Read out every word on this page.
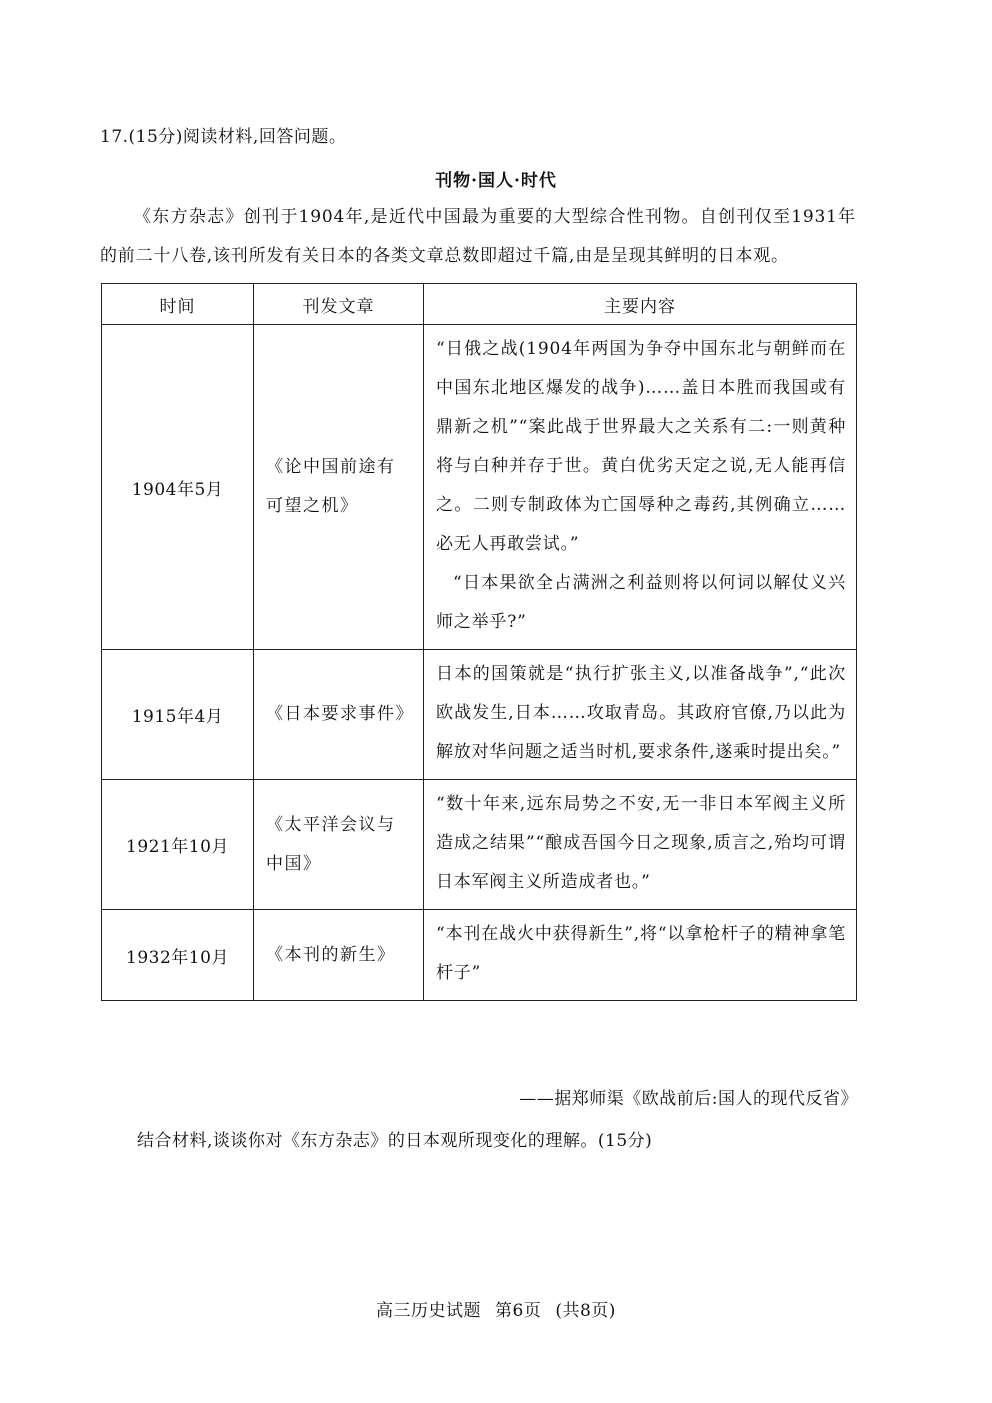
17.(15分)阅读材料,回答问题。
刊物·国人·时代
《东方杂志》创刊于1904年,是近代中国最为重要的大型综合性刊物。自创刊仅至1931年的前二十八卷,该刊所发有关日本的各类文章总数即超过千篇,由是呈现其鲜明的日本观。
时间	刊发文章	主要内容
1904年5月	《论中国前途有可望之机》	“日俄之战(1904年两国为争夺中国东北与朝鲜而在中国东北地区爆发的战争)……盖日本胜而我国或有鼎新之机”“案此战于世界最大之关系有二:一则黄种将与白种并存于世。黄白优劣天定之说,无人能再信之。二则专制政体为亡国辱种之毒药,其例确立……必无人再敢尝试。”
“日本果欲全占满洲之利益则将以何词以解仗义兴师之举乎?”

1915年4月	《日本要求事件》	日本的国策就是“执行扩张主义,以准备战争”,“此次欧战发生,日本……攻取青岛。其政府官僚,乃以此为解放对华问题之适当时机,要求条件,遂乘时提出矣。”

1921年10月	《太平洋会议与中国》	“数十年来,远东局势之不安,无一非日本军阀主义所造成之结果”“酿成吾国今日之现象,质言之,殆均可谓日本军阀主义所造成者也。”

1932年10月	《本刊的新生》	“本刊在战火中获得新生”,将“以拿枪杆子的精神拿笔杆子”
——据郑师渠《欧战前后:国人的现代反省》
结合材料,谈谈你对《东方杂志》的日本观所现变化的理解。(15分)
高三历史试题 第6页 (共8页)
